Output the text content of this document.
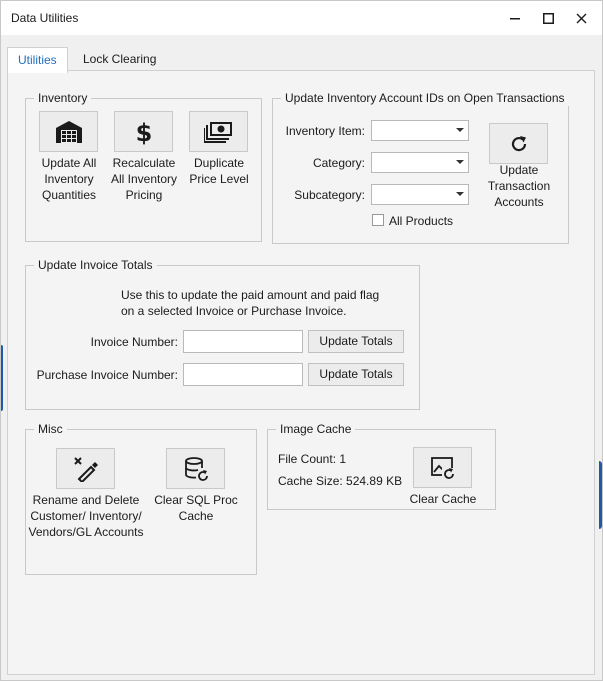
Data Utilities
Utilities	Lock Clearing
Inventory
Update All Inventory Quantities
$
Recalculate All Inventory Pricing
Duplicate Price Level
Update Inventory Account IDs on Open Transactions
Inventory Item:
Category:
Subcategory:
All Products
Update Transaction Accounts
Update Invoice Totals
Use this to update the paid amount and paid flag
on a selected Invoice or Purchase Invoice.
Invoice Number:	Update Totals
Purchase Invoice Number:	Update Totals
Misc
Rename and Delete Customer/ Inventory/ Vendors/GL Accounts
Clear SQL Proc Cache
Image Cache
File Count: 1
Cache Size: 524.89 KB
Clear Cache
